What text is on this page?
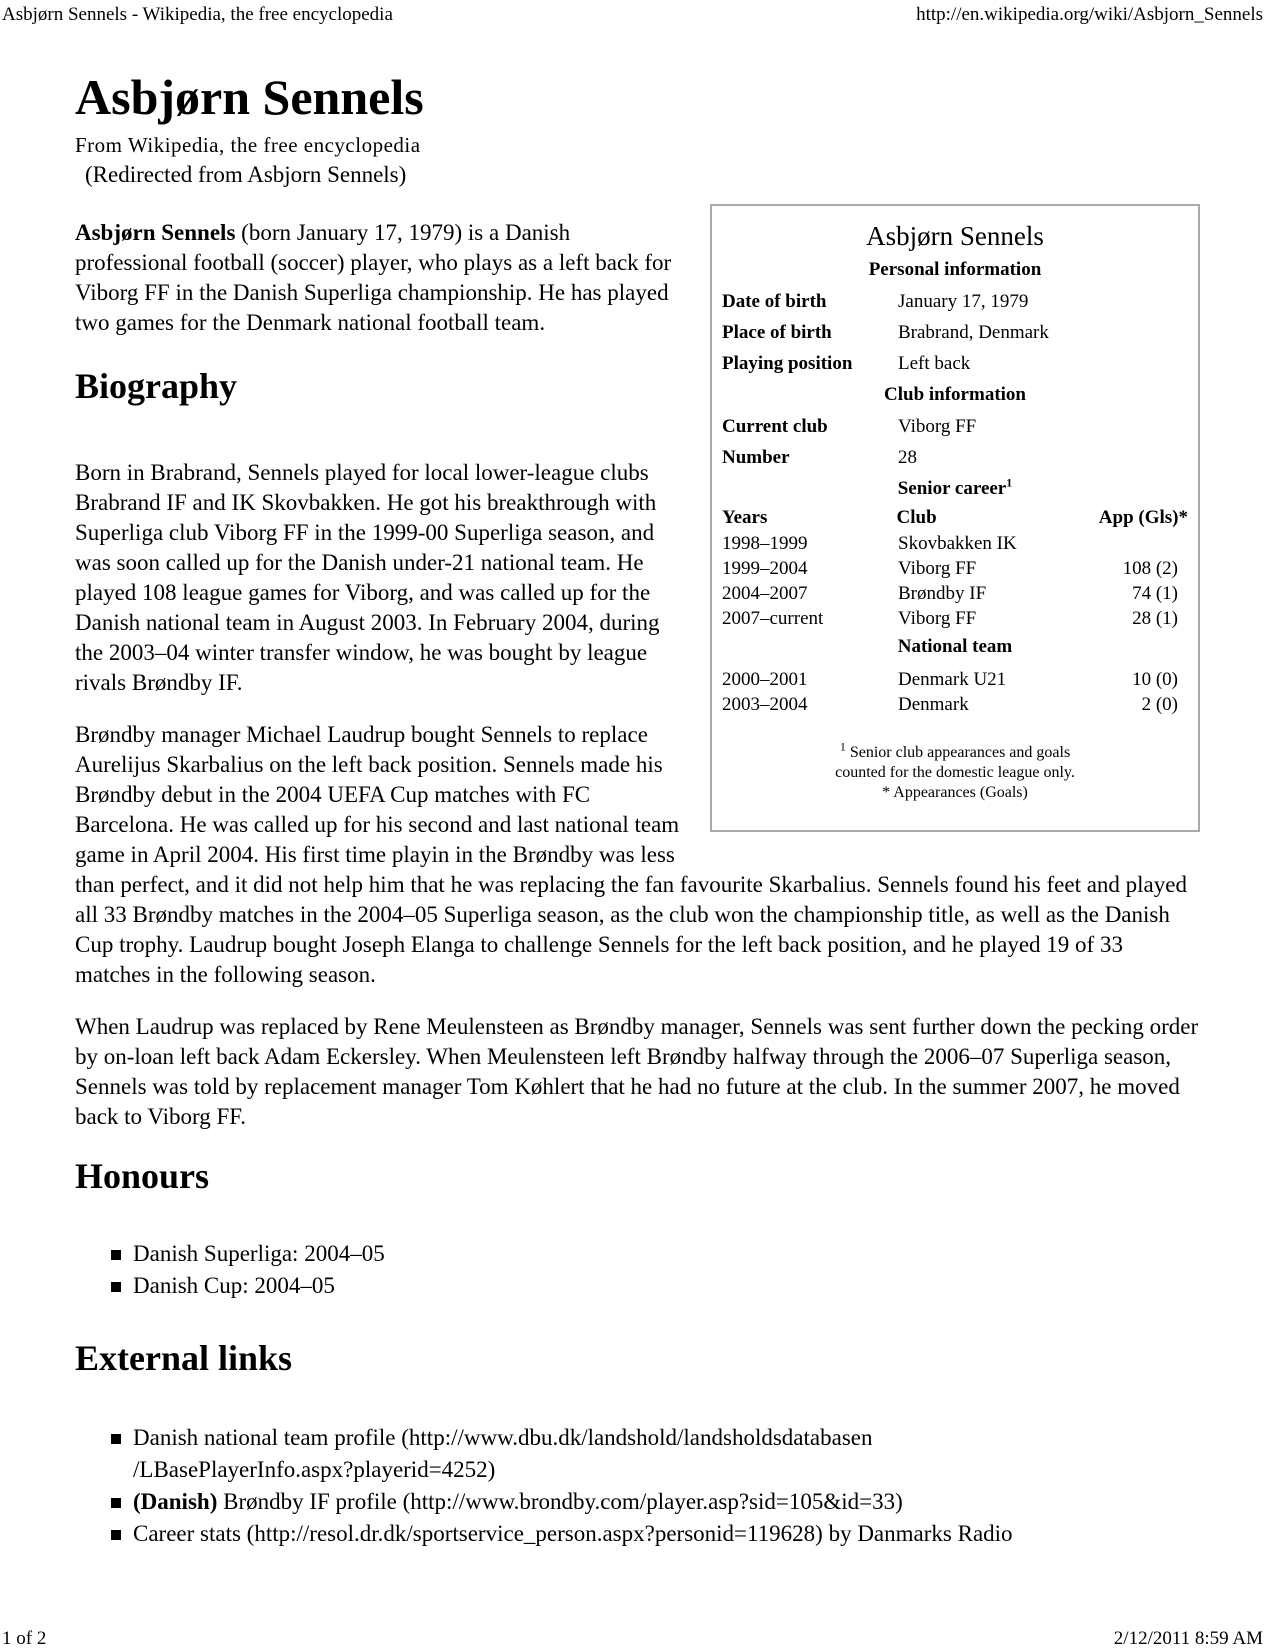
Asbjørn Sennels - Wikipedia, the free encyclopedia	http://en.wikipedia.org/wiki/Asbjorn_Sennels
Asbjørn Sennels
From Wikipedia, the free encyclopedia
(Redirected from Asbjorn Sennels)
Asbjørn Sennels
Personal information
Date of birth	January 17, 1979
Place of birth	Brabrand, Denmark
Playing position	Left back
Club information
Current club	Viborg FF
Number	28
Senior career$^1$
Years	Club	App (Gls)*
1998–1999	Skovbakken IK
1999–2004	Viborg FF	108 (2)
2004–2007	Brøndby IF	74 (1)
2007–current	Viborg FF	28 (1)
National team
2000–2001	Denmark U21	10 (0)
2003–2004	Denmark	2 (0)
$^1$ Senior club appearances and goals
counted for the domestic league only.
* Appearances (Goals)

Asbjørn Sennels (born January 17, 1979) is a Danish professional football (soccer) player, who plays as a left back for Viborg FF in the Danish Superliga championship. He has played two games for the Denmark national football team.

Biography

Born in Brabrand, Sennels played for local lower-league clubs Brabrand IF and IK Skovbakken. He got his breakthrough with Superliga club Viborg FF in the 1999-00 Superliga season, and was soon called up for the Danish under-21 national team. He played 108 league games for Viborg, and was called up for the Danish national team in August 2003. In February 2004, during the 2003–04 winter transfer window, he was bought by league rivals Brøndby IF.

Brøndby manager Michael Laudrup bought Sennels to replace Aurelijus Skarbalius on the left back position. Sennels made his Brøndby debut in the 2004 UEFA Cup matches with FC Barcelona. He was called up for his second and last national team game in April 2004. His first time playin in the Brøndby was less than perfect, and it did not help him that he was replacing the fan favourite Skarbalius. Sennels found his feet and played all 33 Brøndby matches in the 2004–05 Superliga season, as the club won the championship title, as well as the Danish Cup trophy. Laudrup bought Joseph Elanga to challenge Sennels for the left back position, and he played 19 of 33 matches in the following season.

When Laudrup was replaced by Rene Meulensteen as Brøndby manager, Sennels was sent further down the pecking order by on-loan left back Adam Eckersley. When Meulensteen left Brøndby halfway through the 2006–07 Superliga season, Sennels was told by replacement manager Tom Køhlert that he had no future at the club. In the summer 2007, he moved back to Viborg FF.

Honours
Danish Superliga: 2004–05
Danish Cup: 2004–05
External links
Danish national team profile (http://www.dbu.dk/landshold/landsholdsdatabasen
/LBasePlayerInfo.aspx?playerid=4252)
(Danish) Brøndby IF profile (http://www.brondby.com/player.asp?sid=105&id=33)
Career stats (http://resol.dr.dk/sportservice_person.aspx?personid=119628) by Danmarks Radio
1 of 2	2/12/2011 8:59 AM
